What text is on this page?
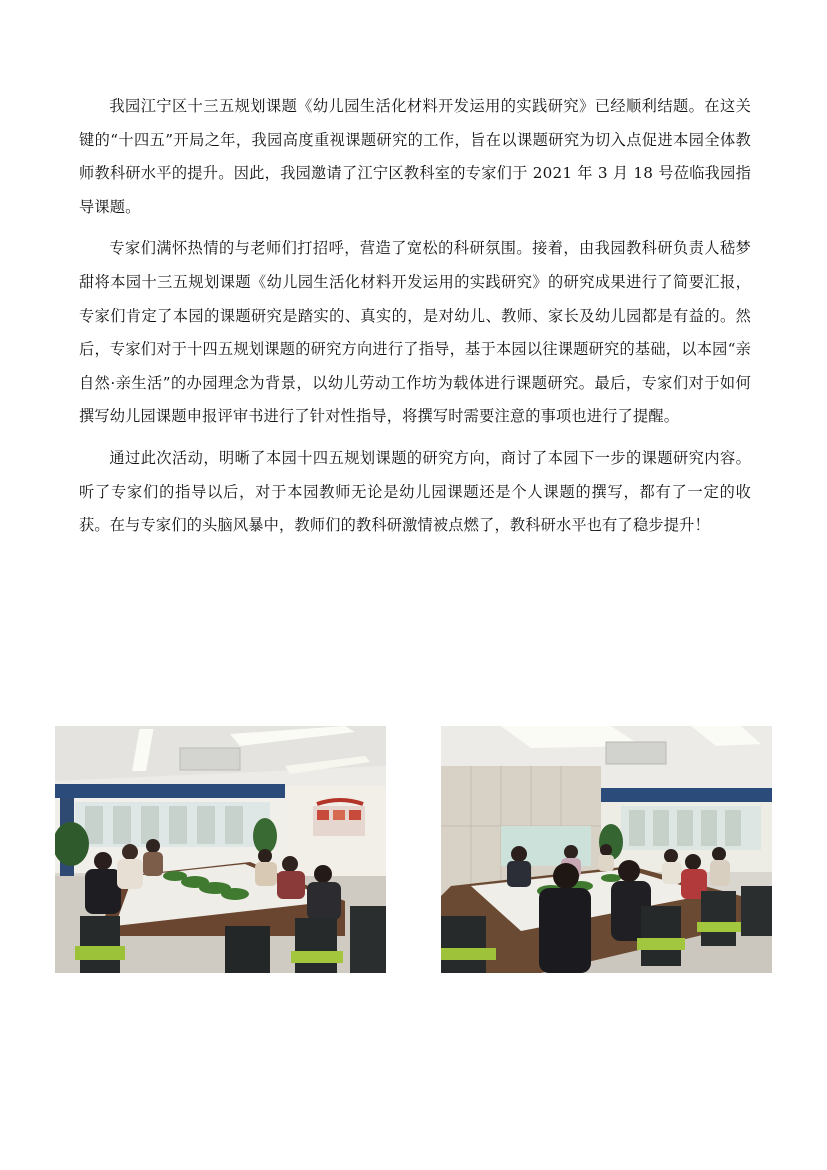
我园江宁区十三五规划课题《幼儿园生活化材料开发运用的实践研究》已经顺利结题。在这关键的“十四五”开局之年，我园高度重视课题研究的工作，旨在以课题研究为切入点促进本园全体教师教科研水平的提升。因此，我园邀请了江宁区教科室的专家们于 2021 年 3 月 18 号莅临我园指导课题。

专家们满怀热情的与老师们打招呼，营造了宽松的科研氛围。接着，由我园教科研负责人嵇梦甜将本园十三五规划课题《幼儿园生活化材料开发运用的实践研究》的研究成果进行了简要汇报，专家们肯定了本园的课题研究是踏实的、真实的，是对幼儿、教师、家长及幼儿园都是有益的。然后，专家们对于十四五规划课题的研究方向进行了指导，基于本园以往课题研究的基础，以本园“亲自然·亲生活”的办园理念为背景，以幼儿劳动工作坊为载体进行课题研究。最后，专家们对于如何撰写幼儿园课题申报评审书进行了针对性指导，将撰写时需要注意的事项也进行了提醒。

通过此次活动，明晰了本园十四五规划课题的研究方向，商讨了本园下一步的课题研究内容。听了专家们的指导以后，对于本园教师无论是幼儿园课题还是个人课题的撰写，都有了一定的收获。在与专家们的头脑风暴中，教师们的教科研激情被点燃了，教科研水平也有了稳步提升！
